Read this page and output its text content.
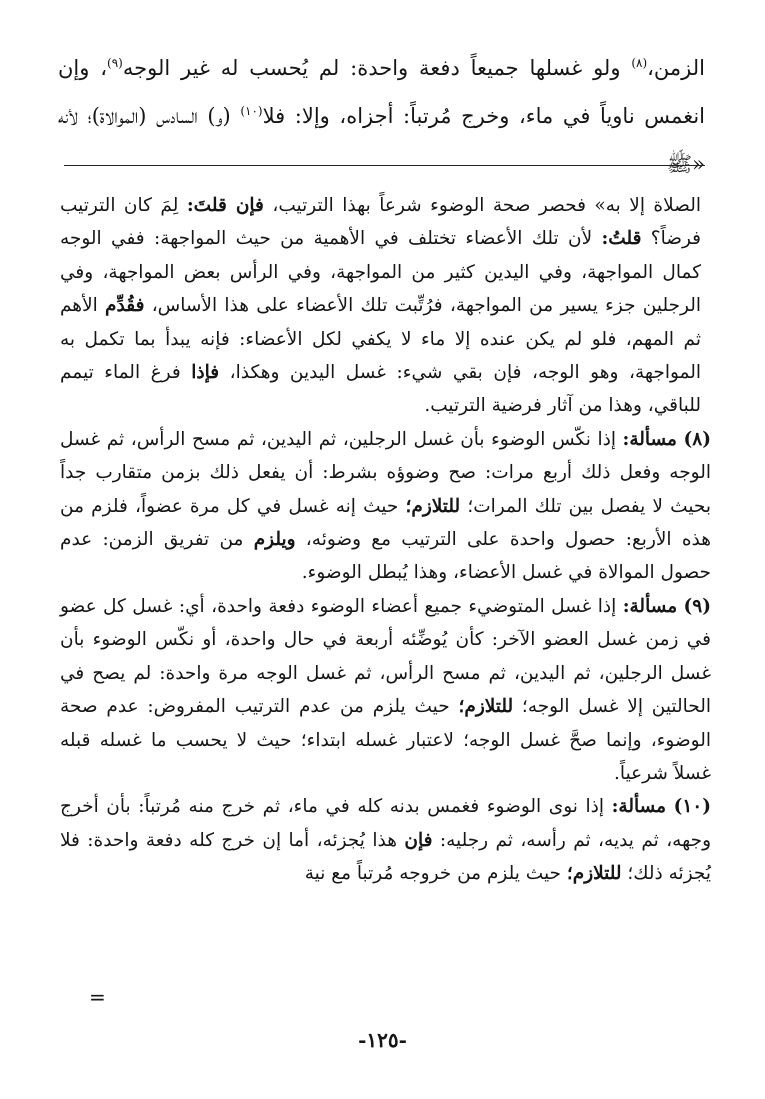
الزمن،$^{(٨)}$ ولو غسلها جميعاً دفعة واحدة: لم يُحسب له غير الوجه$^{(٩)}$، وإن انغمس ناوياً في ماء، وخرج مُرتباً: أجزاه، وإلا: فلا$^{(١٠)}$ (و) السادس (الموالاة)؛ لأنه «ﷺ

الصلاة إلا به» فحصر صحة الوضوء شرعاً بهذا الترتيب، فإن قلتَ: لِمَ كان الترتيب فرضاً؟ قلتُ: لأن تلك الأعضاء تختلف في الأهمية من حيث المواجهة: ففي الوجه كمال المواجهة، وفي اليدين كثير من المواجهة، وفي الرأس بعض المواجهة، وفي الرجلين جزء يسير من المواجهة، فرُتِّبت تلك الأعضاء على هذا الأساس، فقُدِّم الأهم ثم المهم، فلو لم يكن عنده إلا ماء لا يكفي لكل الأعضاء: فإنه يبدأ بما تكمل به المواجهة، وهو الوجه، فإن بقي شيء: غسل اليدين وهكذا، فإذا فرغ الماء تيمم للباقي، وهذا من آثار فرضية الترتيب.

(٨) مسألة: إذا نكّس الوضوء بأن غسل الرجلين، ثم اليدين، ثم مسح الرأس، ثم غسل الوجه وفعل ذلك أربع مرات: صح وضوؤه بشرط: أن يفعل ذلك بزمن متقارب جداً بحيث لا يفصل بين تلك المرات؛ للتلازم؛ حيث إنه غسل في كل مرة عضواً، فلزم من هذه الأربع: حصول واحدة على الترتيب مع وضوئه، ويلزم من تفريق الزمن: عدم حصول الموالاة في غسل الأعضاء، وهذا يُبطل الوضوء.

(٩) مسألة: إذا غسل المتوضيء جميع أعضاء الوضوء دفعة واحدة، أي: غسل كل عضو في زمن غسل العضو الآخر: كأن يُوضِّئه أربعة في حال واحدة، أو نكّس الوضوء بأن غسل الرجلين، ثم اليدين، ثم مسح الرأس، ثم غسل الوجه مرة واحدة: لم يصح في الحالتين إلا غسل الوجه؛ للتلازم؛ حيث يلزم من عدم الترتيب المفروض: عدم صحة الوضوء، وإنما صحَّ غسل الوجه؛ لاعتبار غسله ابتداء؛ حيث لا يحسب ما غسله قبله غسلاً شرعياً.

(١٠) مسألة: إذا نوى الوضوء فغمس بدنه كله في ماء، ثم خرج منه مُرتباً: بأن أخرج وجهه، ثم يديه، ثم رأسه، ثم رجليه: فإن هذا يُجزئه، أما إن خرج كله دفعة واحدة: فلا يُجزئه ذلك؛ للتلازم؛ حيث يلزم من خروجه مُرتباً مع نية

=
-١٢٥-
